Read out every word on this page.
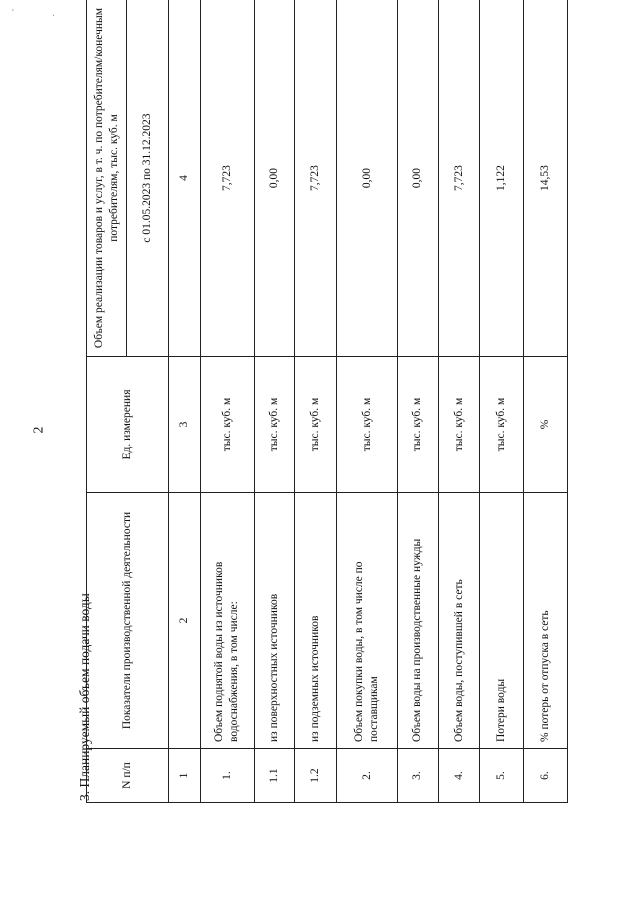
' .
2
3. Планируемый объем подачи воды	N п/п	Показатели производственной деятельности	Ед. измерения	Объем реализации товаров и услуг, в т. ч. по потребителям/конечным потребителям, тыс. куб. м
			с 01.05.2023 по 31.12.2023
1	2	3	4
1.	Объем поднятой воды из источников водоснабжения, в том числе:	тыс. куб. м	7,723
1.1	из поверхностных источников	тыс. куб. м	0,00
1.2	из подземных источников	тыс. куб. м	7,723
2.	Объем покупки воды, в том числе по поставщикам	тыс. куб. м	0,00
3.	Объем воды на производственные нужды	тыс. куб. м	0,00
4.	Объем воды, поступившей в сеть	тыс. куб. м	7,723
5.	Потери воды	тыс. куб. м	1,122
6.	% потерь от отпуска в сеть	%	14,53
